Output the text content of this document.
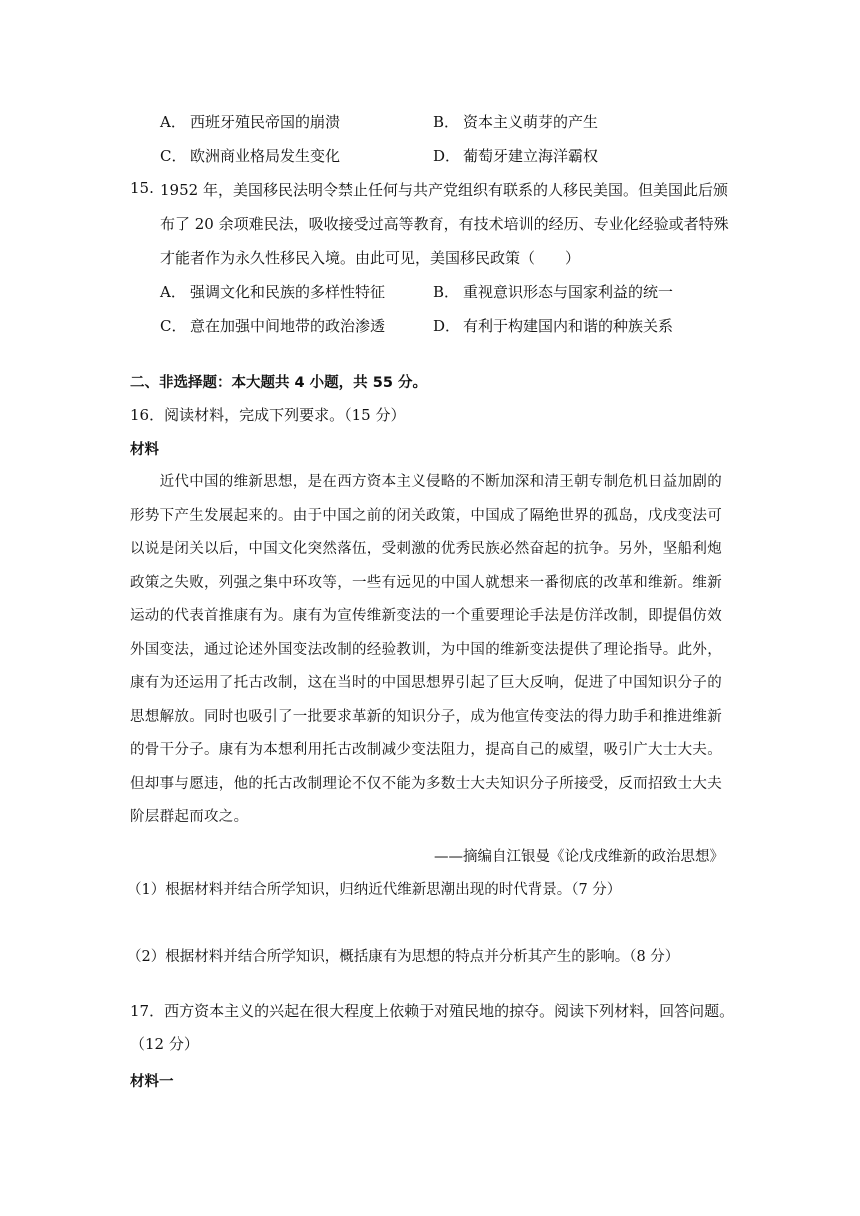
A． 西班牙殖民帝国的崩溃	B． 资本主义萌芽的产生
C． 欧洲商业格局发生变化	D． 葡萄牙建立海洋霸权
15. 1952 年，美国移民法明令禁止任何与共产党组织有联系的人移民美国。但美国此后颁
布了 20 余项难民法，吸收接受过高等教育，有技术培训的经历、专业化经验或者特殊
才能者作为永久性移民入境。由此可见，美国移民政策（　　）
A． 强调文化和民族的多样性特征	B． 重视意识形态与国家利益的统一
C． 意在加强中间地带的政治渗透	D． 有利于构建国内和谐的种族关系
二、非选择题：本大题共 4 小题，共 55 分。
16．阅读材料，完成下列要求。（15 分）
材料
　　近代中国的维新思想，是在西方资本主义侵略的不断加深和清王朝专制危机日益加剧的
形势下产生发展起来的。由于中国之前的闭关政策，中国成了隔绝世界的孤岛，戊戌变法可
以说是闭关以后，中国文化突然落伍，受刺激的优秀民族必然奋起的抗争。另外，坚船利炮
政策之失败，列强之集中环攻等，一些有远见的中国人就想来一番彻底的改革和维新。维新
运动的代表首推康有为。康有为宣传维新变法的一个重要理论手法是仿洋改制，即提倡仿效
外国变法，通过论述外国变法改制的经验教训，为中国的维新变法提供了理论指导。此外，
康有为还运用了托古改制，这在当时的中国思想界引起了巨大反响，促进了中国知识分子的
思想解放。同时也吸引了一批要求革新的知识分子，成为他宣传变法的得力助手和推进维新
的骨干分子。康有为本想利用托古改制减少变法阻力，提高自己的威望，吸引广大士大夫。
但却事与愿违，他的托古改制理论不仅不能为多数士大夫知识分子所接受，反而招致士大夫
阶层群起而攻之。
——摘编自江银曼《论戊戌维新的政治思想》
（1）根据材料并结合所学知识，归纳近代维新思潮出现的时代背景。（7 分）
（2）根据材料并结合所学知识，概括康有为思想的特点并分析其产生的影响。（8 分）
17．西方资本主义的兴起在很大程度上依赖于对殖民地的掠夺。阅读下列材料，回答问题。
（12 分）
材料一
